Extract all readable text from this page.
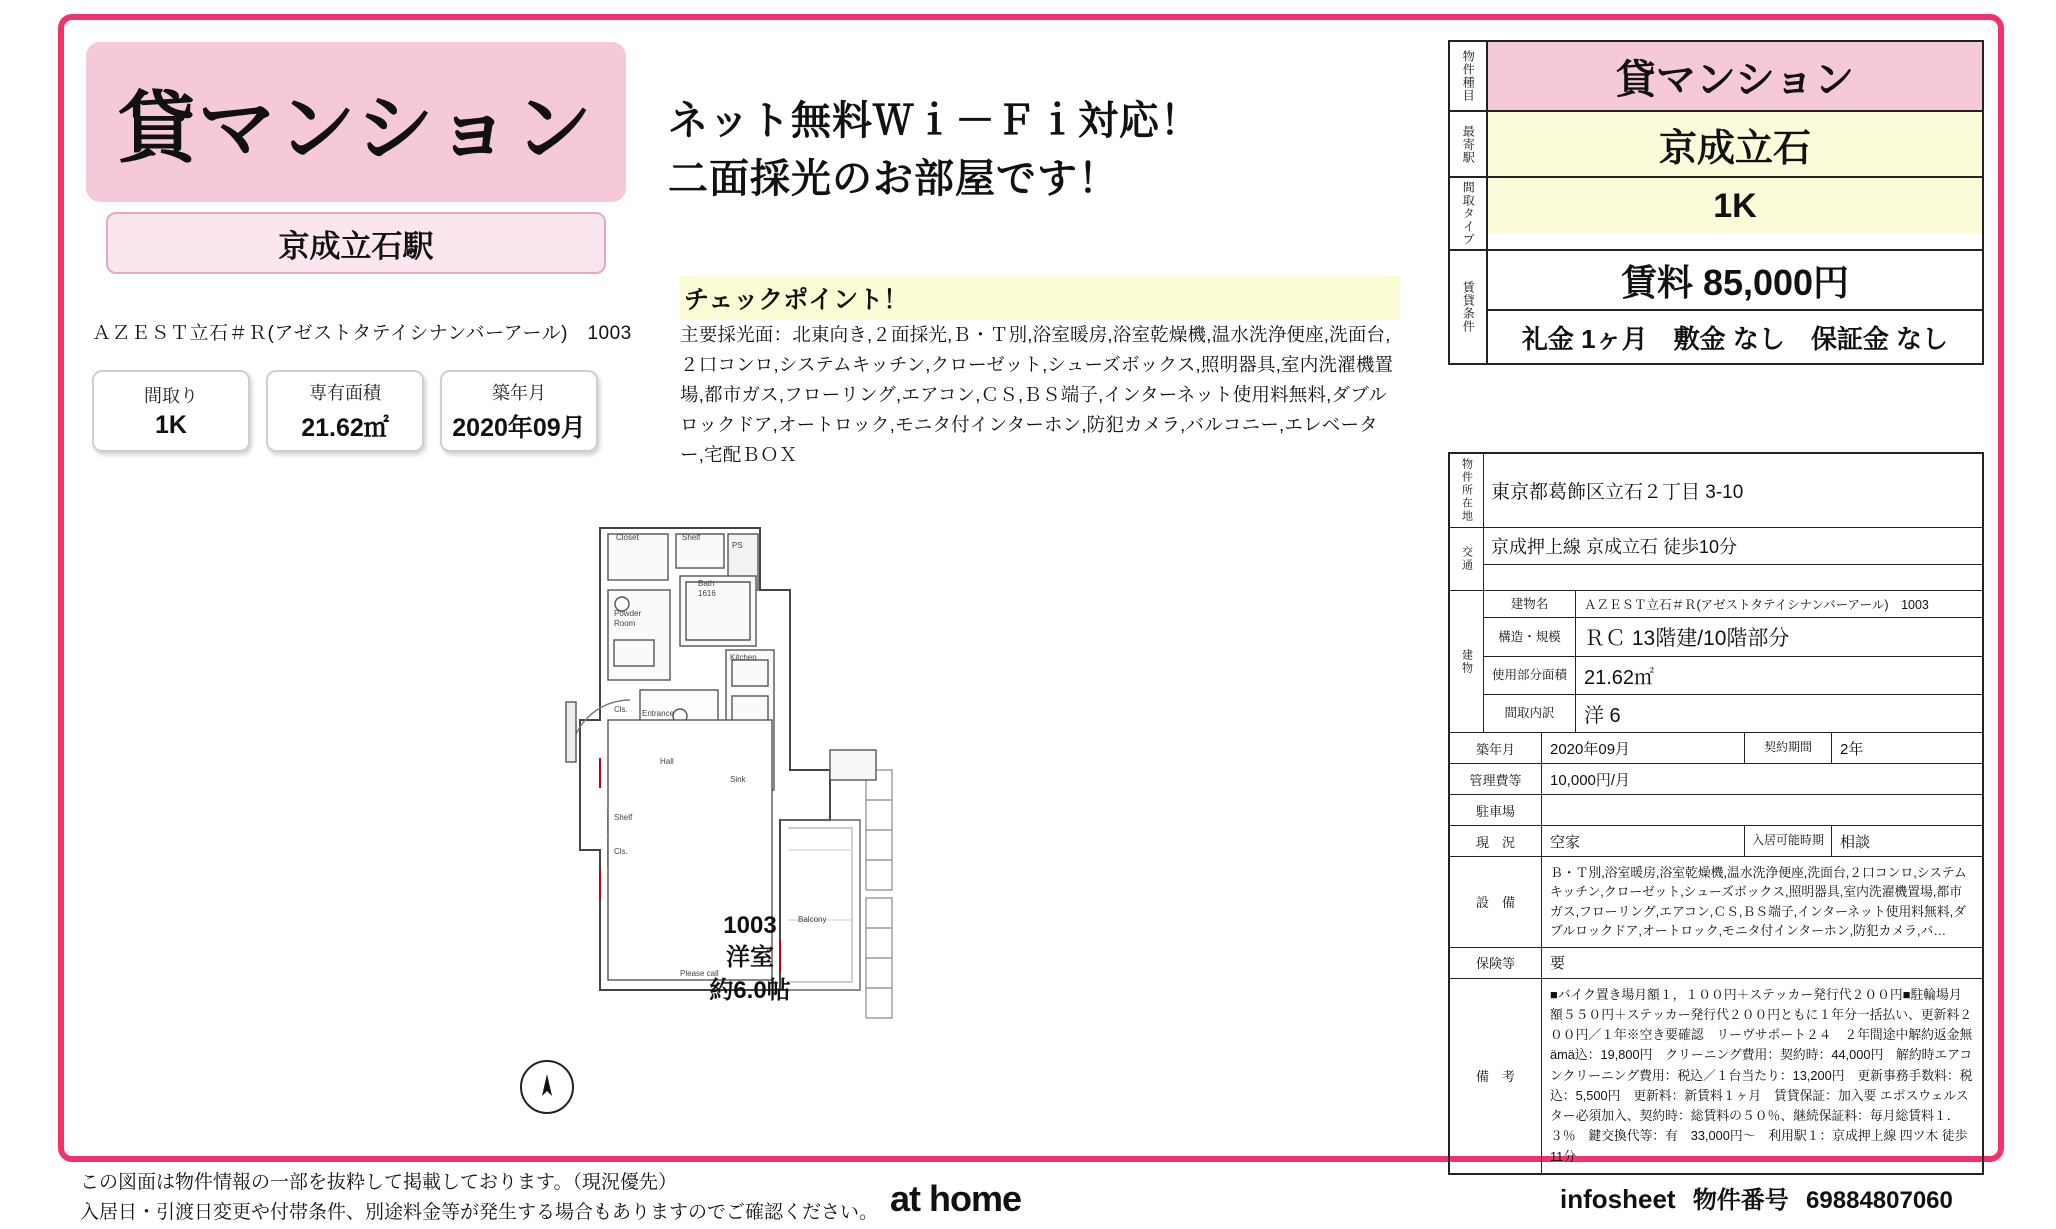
貸マンション
京成立石駅
ＡＺＥＳＴ立石＃Ｒ(アゼストタテイシナンバーアール)　1003
間取り
1K
専有面積
21.62㎡
築年月
2020年09月
ネット無料Ｗｉ－Ｆｉ対応！
二面採光のお部屋です！
チェックポイント！
主要採光面：北東向き,２面採光,Ｂ・Ｔ別,浴室暖房,浴室乾燥機,温水洗浄便座,洗面台,２口コンロ,システムキッチン,クローゼット,シューズボックス,照明器具,室内洗濯機置場,都市ガス,フローリング,エアコン,ＣＳ,ＢＳ端子,インターネット使用料無料,ダブルロックドア,オートロック,モニタ付インターホン,防犯カメラ,バルコニー,エレベーター,宅配ＢＯＸ
Closet	Shelf
PS
Bath
1616
Powder
Room
Cls.
Kitchen
Sink
Entrance
Hall
Shelf
Cls.
Balcony
Please call
1003
洋室
約6.0帖
物件種目	貸マンション
最寄駅	京成立石
間取タイプ	1K
賃貸条件	賃料 85,000円
礼金 1ヶ月　敷金 なし　保証金 なし
物件所在地 東京都葛飾区立石２丁目 3-10
交通	京成押上線 京成立石 徒歩10分
建物
建物名	ＡＺＥＳＴ立石＃Ｒ(アゼストタテイシナンバーアール)　1003
構造・規模	ＲＣ 13階建/10階部分
使用部分面積 21.62㎡
間取内訳	洋 6
築年月	2020年09月	契約期間	2年
管理費等	10,000円/月
駐車場
現　況	空家	入居可能時期	相談
設　備
Ｂ・Ｔ別,浴室暖房,浴室乾燥機,温水洗浄便座,洗面台,２口コンロ,システムキッチン,クローゼット,シューズボックス,照明器具,室内洗濯機置場,都市ガス,フローリング,エアコン,ＣＳ,ＢＳ端子,インターネット使用料無料,ダブルロックドア,オートロック,モニタ付インターホン,防犯カメラ,バ…
保険等	要
備　考
■バイク置き場月額１，１００円＋ステッカー発行代２００円■駐輪場月額５５０円＋ステッカー発行代２００円ともに１年分一括払い、更新料２００円／１年※空き要確認　リーヴサポート２４　２年間途中解約返金無ämä込：19,800円　クリーニング費用：契約時：44,000円　解約時エアコンクリーニング費用：税込／１台当たり：13,200円　更新事務手数料：税込：5,500円　更新料：新賃料１ヶ月　賃貸保証：加入要 エポスウェルスター必須加入、契約時：総賃料の５０％、継続保証料：毎月総賃料１．３％　鍵交換代等：有　33,000円〜　利用駅１：京成押上線 四ツ木 徒歩11分
この図面は物件情報の一部を抜粋して掲載しております。（現況優先）
入居日・引渡日変更や付帯条件、別途料金等が発生する場合もありますのでご確認ください。 at home	infosheet 物件番号 69884807060
